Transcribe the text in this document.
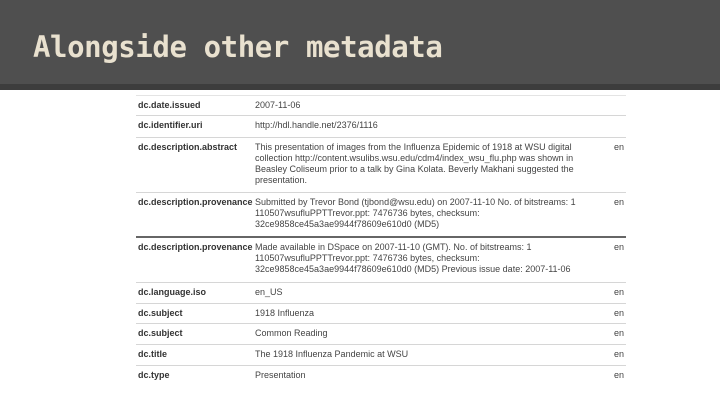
Alongside other metadata
dc.date.issued	2007-11-06	
dc.identifier.uri	http://hdl.handle.net/2376/1116	
dc.description.abstract	This presentation of images from the Influenza Epidemic of 1918 at WSU digital collection http://content.wsulibs.wsu.edu/cdm4/index_wsu_flu.php was shown in Beasley Coliseum prior to a talk by Gina Kolata. Beverly Makhani suggested the presentation.	en
dc.description.provenance	Submitted by Trevor Bond (tjbond@wsu.edu) on 2007-11-10 No. of bitstreams: 1 110507wsufluPPTTrevor.ppt: 7476736 bytes, checksum: 32ce9858ce45a3ae9944f78609e610d0 (MD5)	en
dc.description.provenance	Made available in DSpace on 2007-11-10 (GMT). No. of bitstreams: 1 110507wsufluPPTTrevor.ppt: 7476736 bytes, checksum: 32ce9858ce45a3ae9944f78609e610d0 (MD5) Previous issue date: 2007-11-06	en
dc.language.iso	en_US	en
dc.subject	1918 Influenza	en
dc.subject	Common Reading	en
dc.title	The 1918 Influenza Pandemic at WSU	en
dc.type	Presentation	en
